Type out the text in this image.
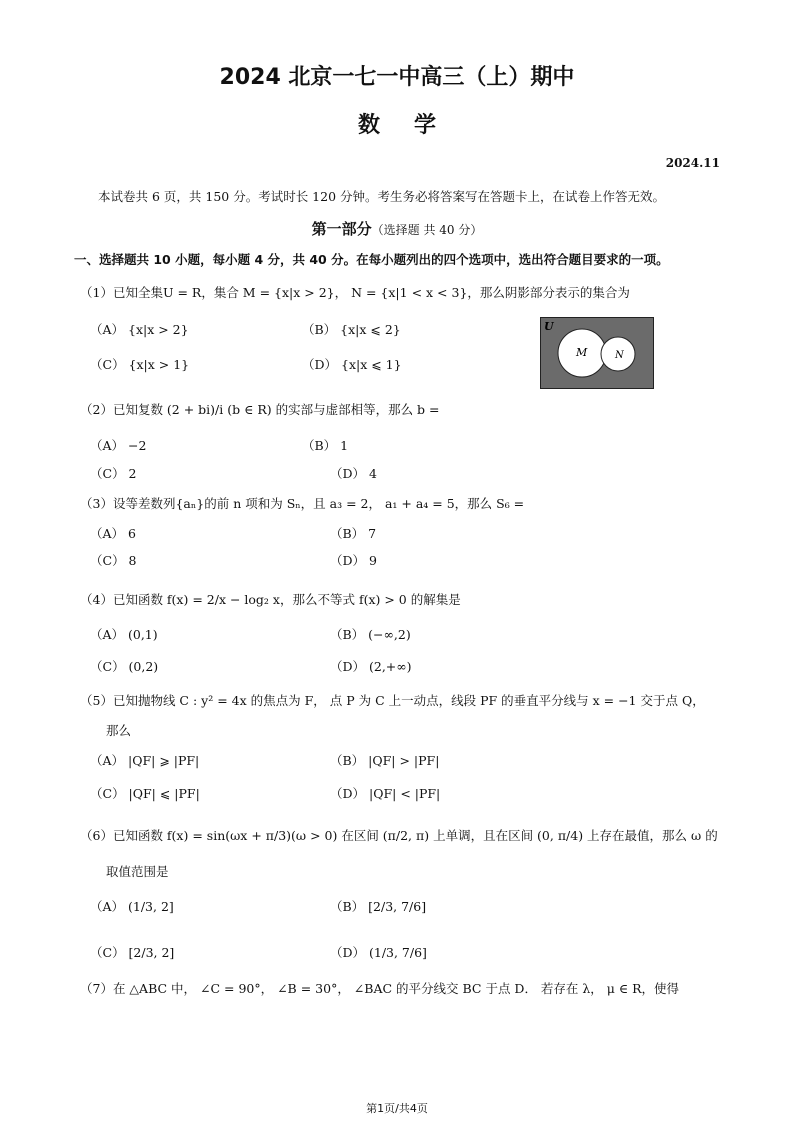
2024 北京一七一中高三（上）期中
数学
2024.11
本试卷共 6 页，共 150 分。考试时长 120 分钟。考生务必将答案写在答题卡上，在试卷上作答无效。
第一部分（选择题 共 40 分）
一、选择题共 10 小题，每小题 4 分，共 40 分。在每小题列出的四个选项中，选出符合题目要求的一项。
（1）已知全集U = R，集合 M = {x|x > 2}， N = {x|1 < x < 3}，那么阴影部分表示的集合为
（A） {x|x > 2}	（B） {x|x ⩽ 2}
（C） {x|x > 1}	（D） {x|x ⩽ 1}
U
M	N
（2）已知复数 (2 + bi)/i (b ∈ R) 的实部与虚部相等，那么 b =
（A） −2	（B） 1
（C） 2	（D） 4
（3）设等差数列{aₙ}的前 n 项和为 Sₙ，且 a₃ = 2， a₁ + a₄ = 5，那么 S₆ =
（A） 6	（B） 7
（C） 8	（D） 9
（4）已知函数 f(x) = 2/x − log₂ x，那么不等式 f(x) > 0 的解集是
（A） (0,1)	（B） (−∞,2)
（C） (0,2)	（D） (2,+∞)
（5）已知抛物线 C : y² = 4x 的焦点为 F， 点 P 为 C 上一动点，线段 PF 的垂直平分线与 x = −1 交于点 Q，
那么
（A） |QF| ⩾ |PF|	（B） |QF| > |PF|
（C） |QF| ⩽ |PF|	（D） |QF| < |PF|
（6）已知函数 f(x) = sin(ωx + π/3)(ω > 0) 在区间 (π/2, π) 上单调，且在区间 (0, π/4) 上存在最值，那么 ω 的
取值范围是
（A） (1/3, 2]	（B） [2/3, 7/6]
（C） [2/3, 2]	（D） (1/3, 7/6]
（7）在 △ABC 中， ∠C = 90°， ∠B = 30°， ∠BAC 的平分线交 BC 于点 D． 若存在 λ， μ ∈ R，使得
第1页/共4页
